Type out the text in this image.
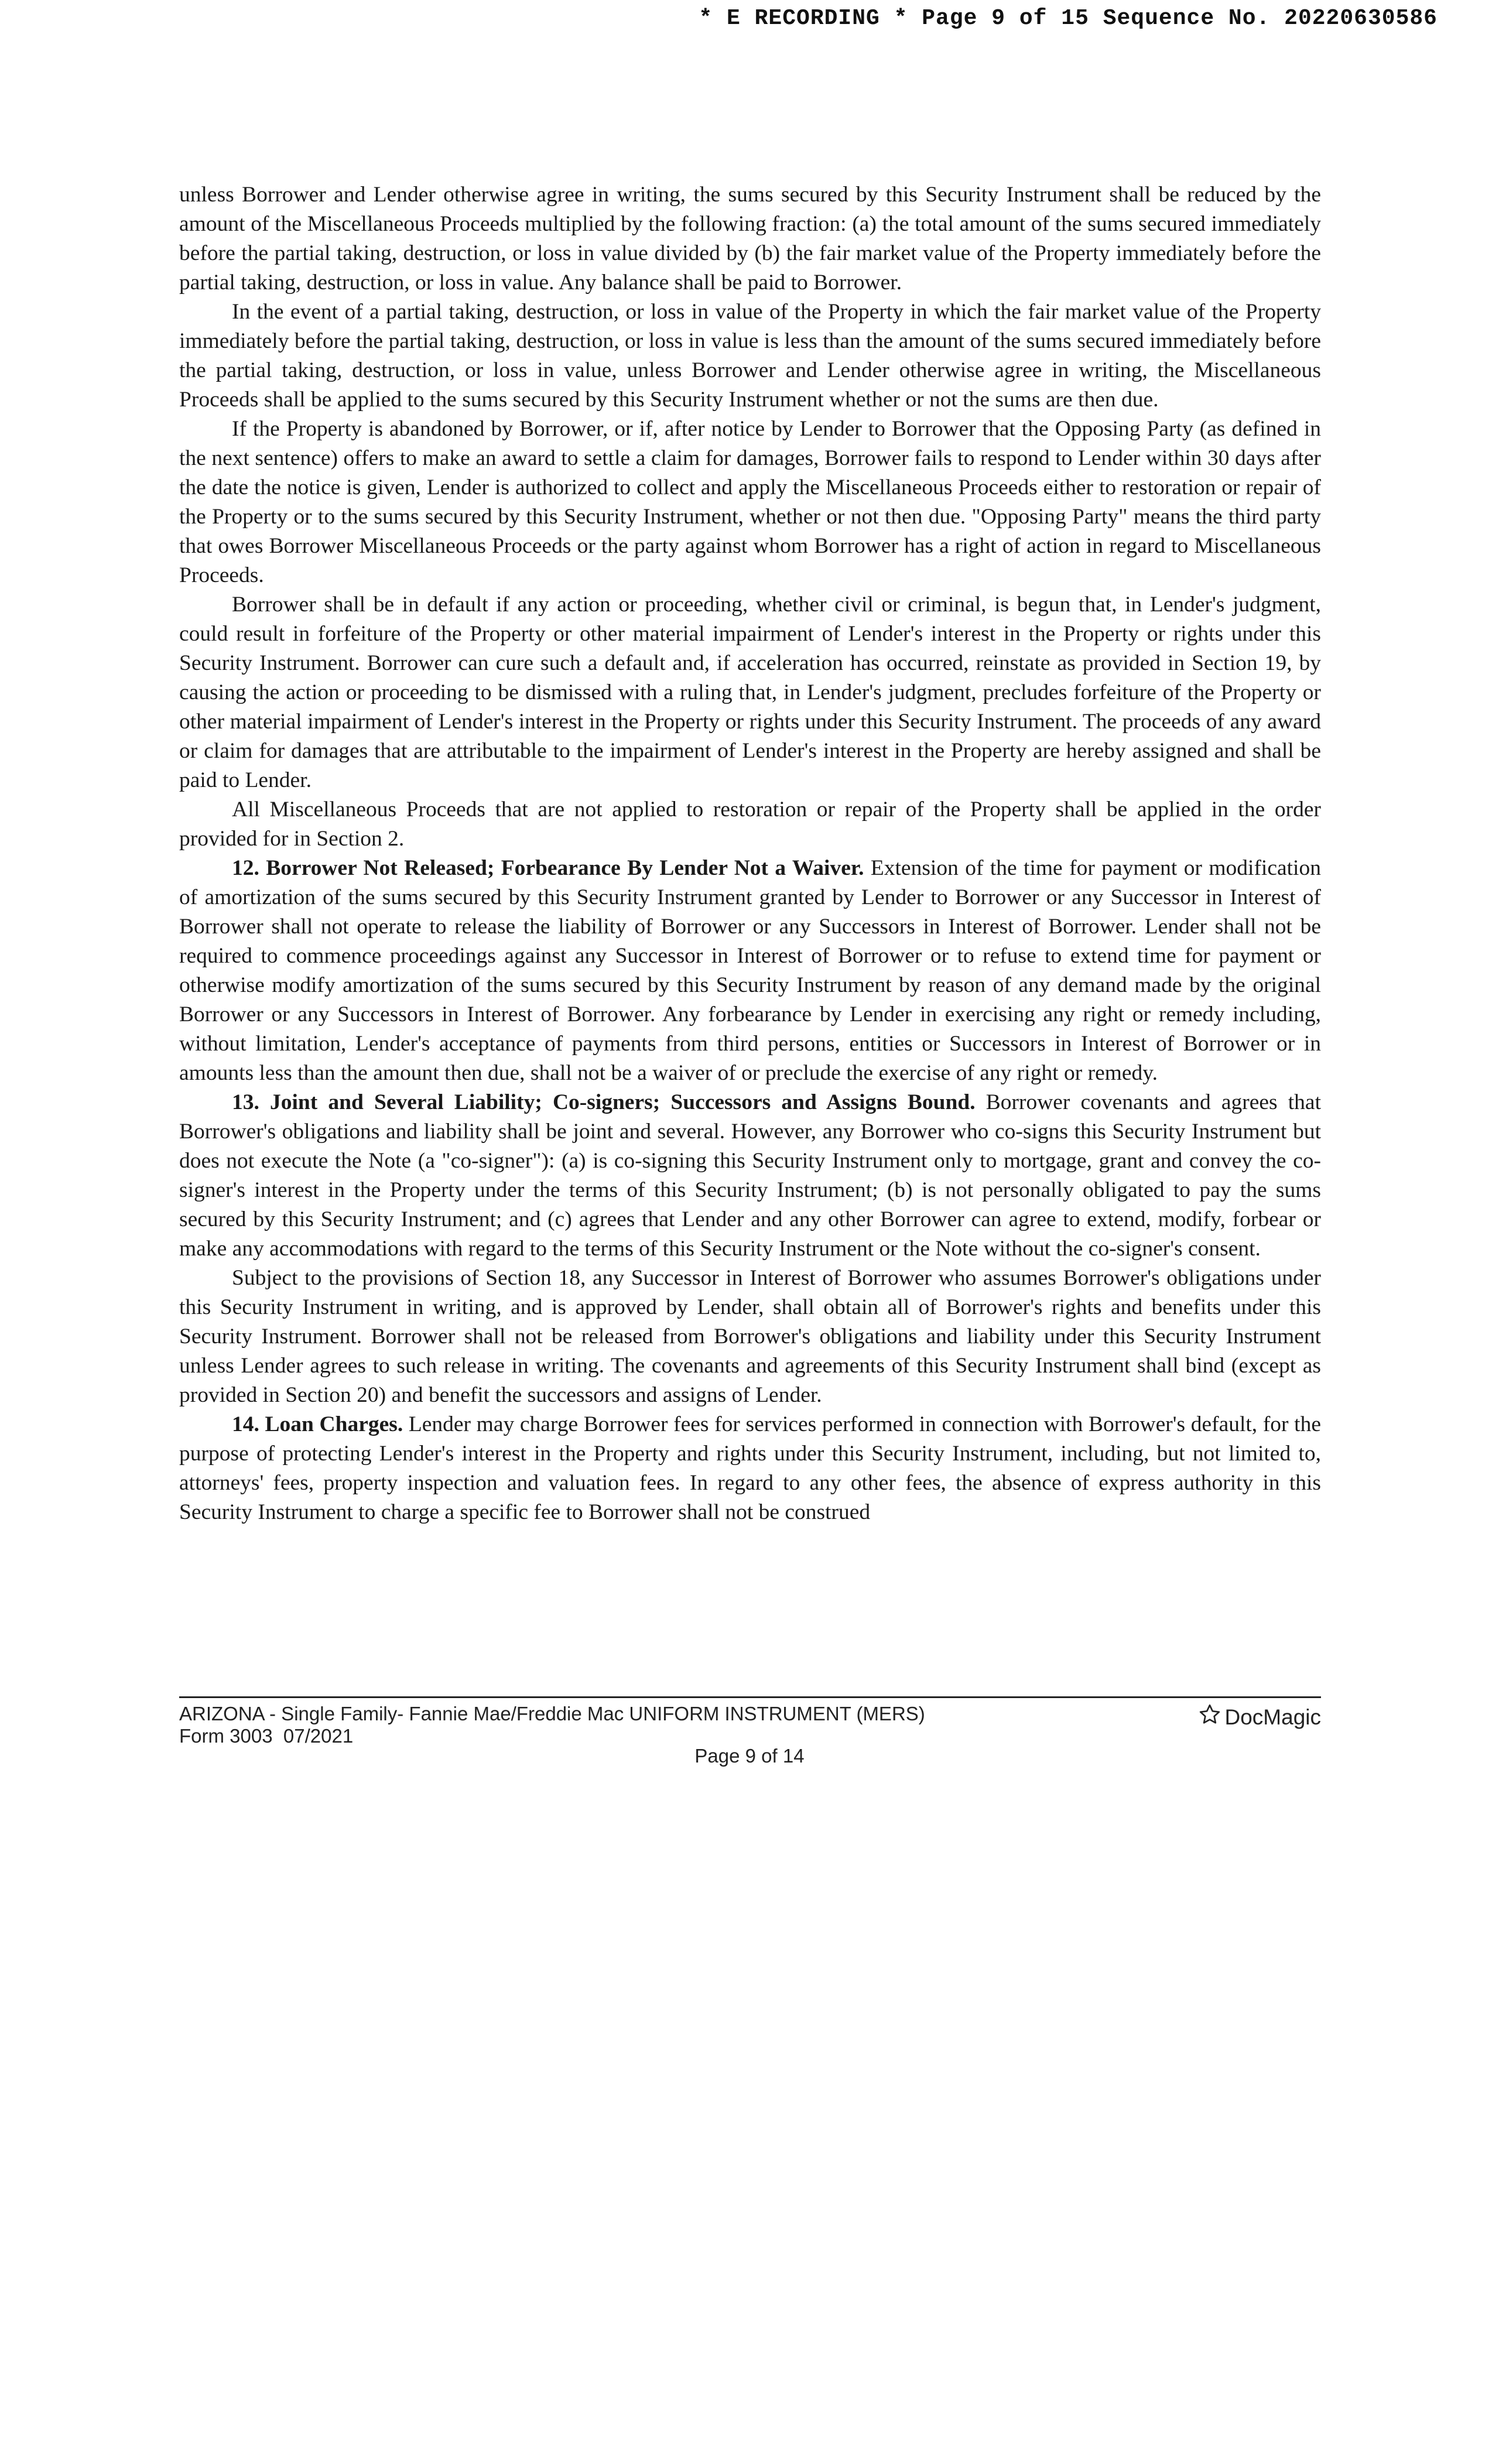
* E RECORDING * Page 9 of 15 Sequence No. 20220630586

unless Borrower and Lender otherwise agree in writing, the sums secured by this Security Instrument shall be reduced by the amount of the Miscellaneous Proceeds multiplied by the following fraction: (a) the total amount of the sums secured immediately before the partial taking, destruction, or loss in value divided by (b) the fair market value of the Property immediately before the partial taking, destruction, or loss in value. Any balance shall be paid to Borrower.

In the event of a partial taking, destruction, or loss in value of the Property in which the fair market value of the Property immediately before the partial taking, destruction, or loss in value is less than the amount of the sums secured immediately before the partial taking, destruction, or loss in value, unless Borrower and Lender otherwise agree in writing, the Miscellaneous Proceeds shall be applied to the sums secured by this Security Instrument whether or not the sums are then due.

If the Property is abandoned by Borrower, or if, after notice by Lender to Borrower that the Opposing Party (as defined in the next sentence) offers to make an award to settle a claim for damages, Borrower fails to respond to Lender within 30 days after the date the notice is given, Lender is authorized to collect and apply the Miscellaneous Proceeds either to restoration or repair of the Property or to the sums secured by this Security Instrument, whether or not then due. "Opposing Party" means the third party that owes Borrower Miscellaneous Proceeds or the party against whom Borrower has a right of action in regard to Miscellaneous Proceeds.

Borrower shall be in default if any action or proceeding, whether civil or criminal, is begun that, in Lender's judgment, could result in forfeiture of the Property or other material impairment of Lender's interest in the Property or rights under this Security Instrument. Borrower can cure such a default and, if acceleration has occurred, reinstate as provided in Section 19, by causing the action or proceeding to be dismissed with a ruling that, in Lender's judgment, precludes forfeiture of the Property or other material impairment of Lender's interest in the Property or rights under this Security Instrument. The proceeds of any award or claim for damages that are attributable to the impairment of Lender's interest in the Property are hereby assigned and shall be paid to Lender.

All Miscellaneous Proceeds that are not applied to restoration or repair of the Property shall be applied in the order provided for in Section 2.

12. Borrower Not Released; Forbearance By Lender Not a Waiver. Extension of the time for payment or modification of amortization of the sums secured by this Security Instrument granted by Lender to Borrower or any Successor in Interest of Borrower shall not operate to release the liability of Borrower or any Successors in Interest of Borrower. Lender shall not be required to commence proceedings against any Successor in Interest of Borrower or to refuse to extend time for payment or otherwise modify amortization of the sums secured by this Security Instrument by reason of any demand made by the original Borrower or any Successors in Interest of Borrower. Any forbearance by Lender in exercising any right or remedy including, without limitation, Lender's acceptance of payments from third persons, entities or Successors in Interest of Borrower or in amounts less than the amount then due, shall not be a waiver of or preclude the exercise of any right or remedy.

13. Joint and Several Liability; Co-signers; Successors and Assigns Bound. Borrower covenants and agrees that Borrower's obligations and liability shall be joint and several. However, any Borrower who co-signs this Security Instrument but does not execute the Note (a "co-signer"): (a) is co-signing this Security Instrument only to mortgage, grant and convey the co-signer's interest in the Property under the terms of this Security Instrument; (b) is not personally obligated to pay the sums secured by this Security Instrument; and (c) agrees that Lender and any other Borrower can agree to extend, modify, forbear or make any accommodations with regard to the terms of this Security Instrument or the Note without the co-signer's consent.

Subject to the provisions of Section 18, any Successor in Interest of Borrower who assumes Borrower's obligations under this Security Instrument in writing, and is approved by Lender, shall obtain all of Borrower's rights and benefits under this Security Instrument. Borrower shall not be released from Borrower's obligations and liability under this Security Instrument unless Lender agrees to such release in writing. The covenants and agreements of this Security Instrument shall bind (except as provided in Section 20) and benefit the successors and assigns of Lender.

14. Loan Charges. Lender may charge Borrower fees for services performed in connection with Borrower's default, for the purpose of protecting Lender's interest in the Property and rights under this Security Instrument, including, but not limited to, attorneys' fees, property inspection and valuation fees. In regard to any other fees, the absence of express authority in this Security Instrument to charge a specific fee to Borrower shall not be construed

ARIZONA - Single Family- Fannie Mae/Freddie Mac UNIFORM INSTRUMENT (MERS)
Form 3003  07/2021
Page 9 of 14
DocMagic
